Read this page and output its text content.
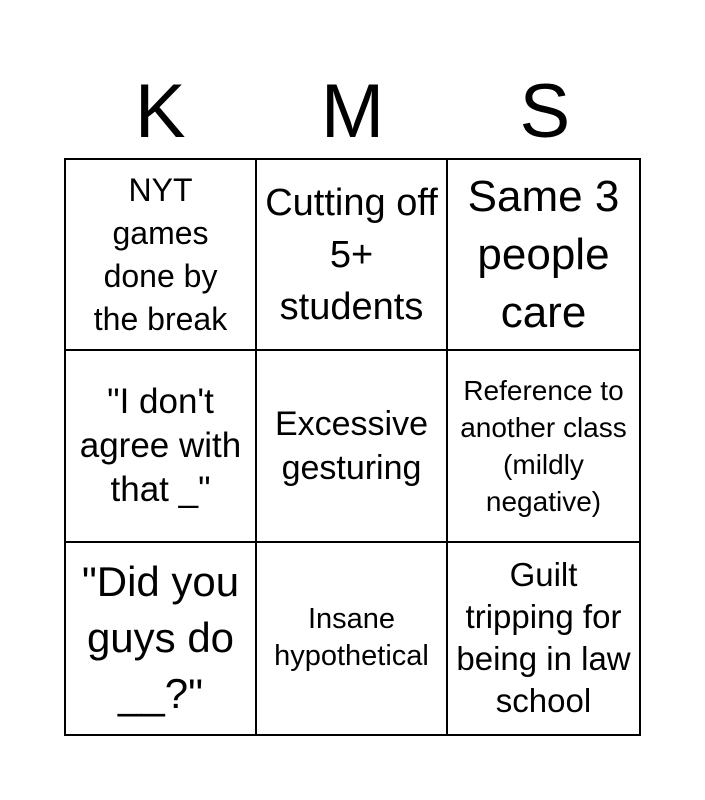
K	M	S
NYT games done by the break
Cutting off 5+ students
Same 3 people care
"I don't agree with that _"
Excessive gesturing
Reference to another class (mildly negative)
"Did you guys do __?"
Insane hypothetical
Guilt tripping for being in law school
